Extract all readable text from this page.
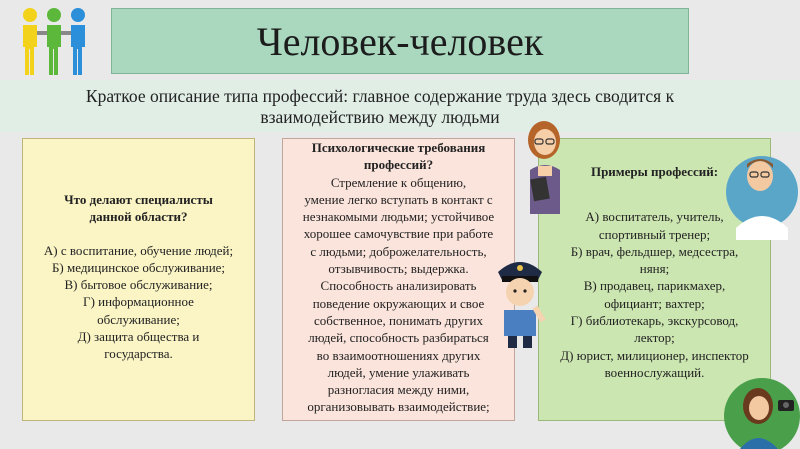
Человек-человек
Краткое описание типа профессий: главное содержание труда здесь сводится к
взаимодействию между людьми
Что делают специалисты
данной области?
А) с воспитание, обучение людей;
Б) медицинское обслуживание;
В) бытовое обслуживание;
Г) информационное
обслуживание;
Д) защита общества и
государства.
Психологические требования
профессий?
Стремление к общению,
умение легко вступать в контакт с
незнакомыми людьми; устойчивое
хорошее самочувствие при работе
с людьми; доброжелательность,
отзывчивость; выдержка.
Способность анализировать
поведение окружающих и свое
собственное, понимать других
людей, способность разбираться
во взаимоотношениях других
людей, умение улаживать
разногласия между ними,
организовывать взаимодействие;
Примеры профессий:
А) воспитатель, учитель,
спортивный тренер;
Б) врач, фельдшер, медсестра,
няня;
В) продавец, парикмахер,
официант; вахтер;
Г) библиотекарь, экскурсовод,
лектор;
Д) юрист, милиционер, инспектор
военнослужащий.
